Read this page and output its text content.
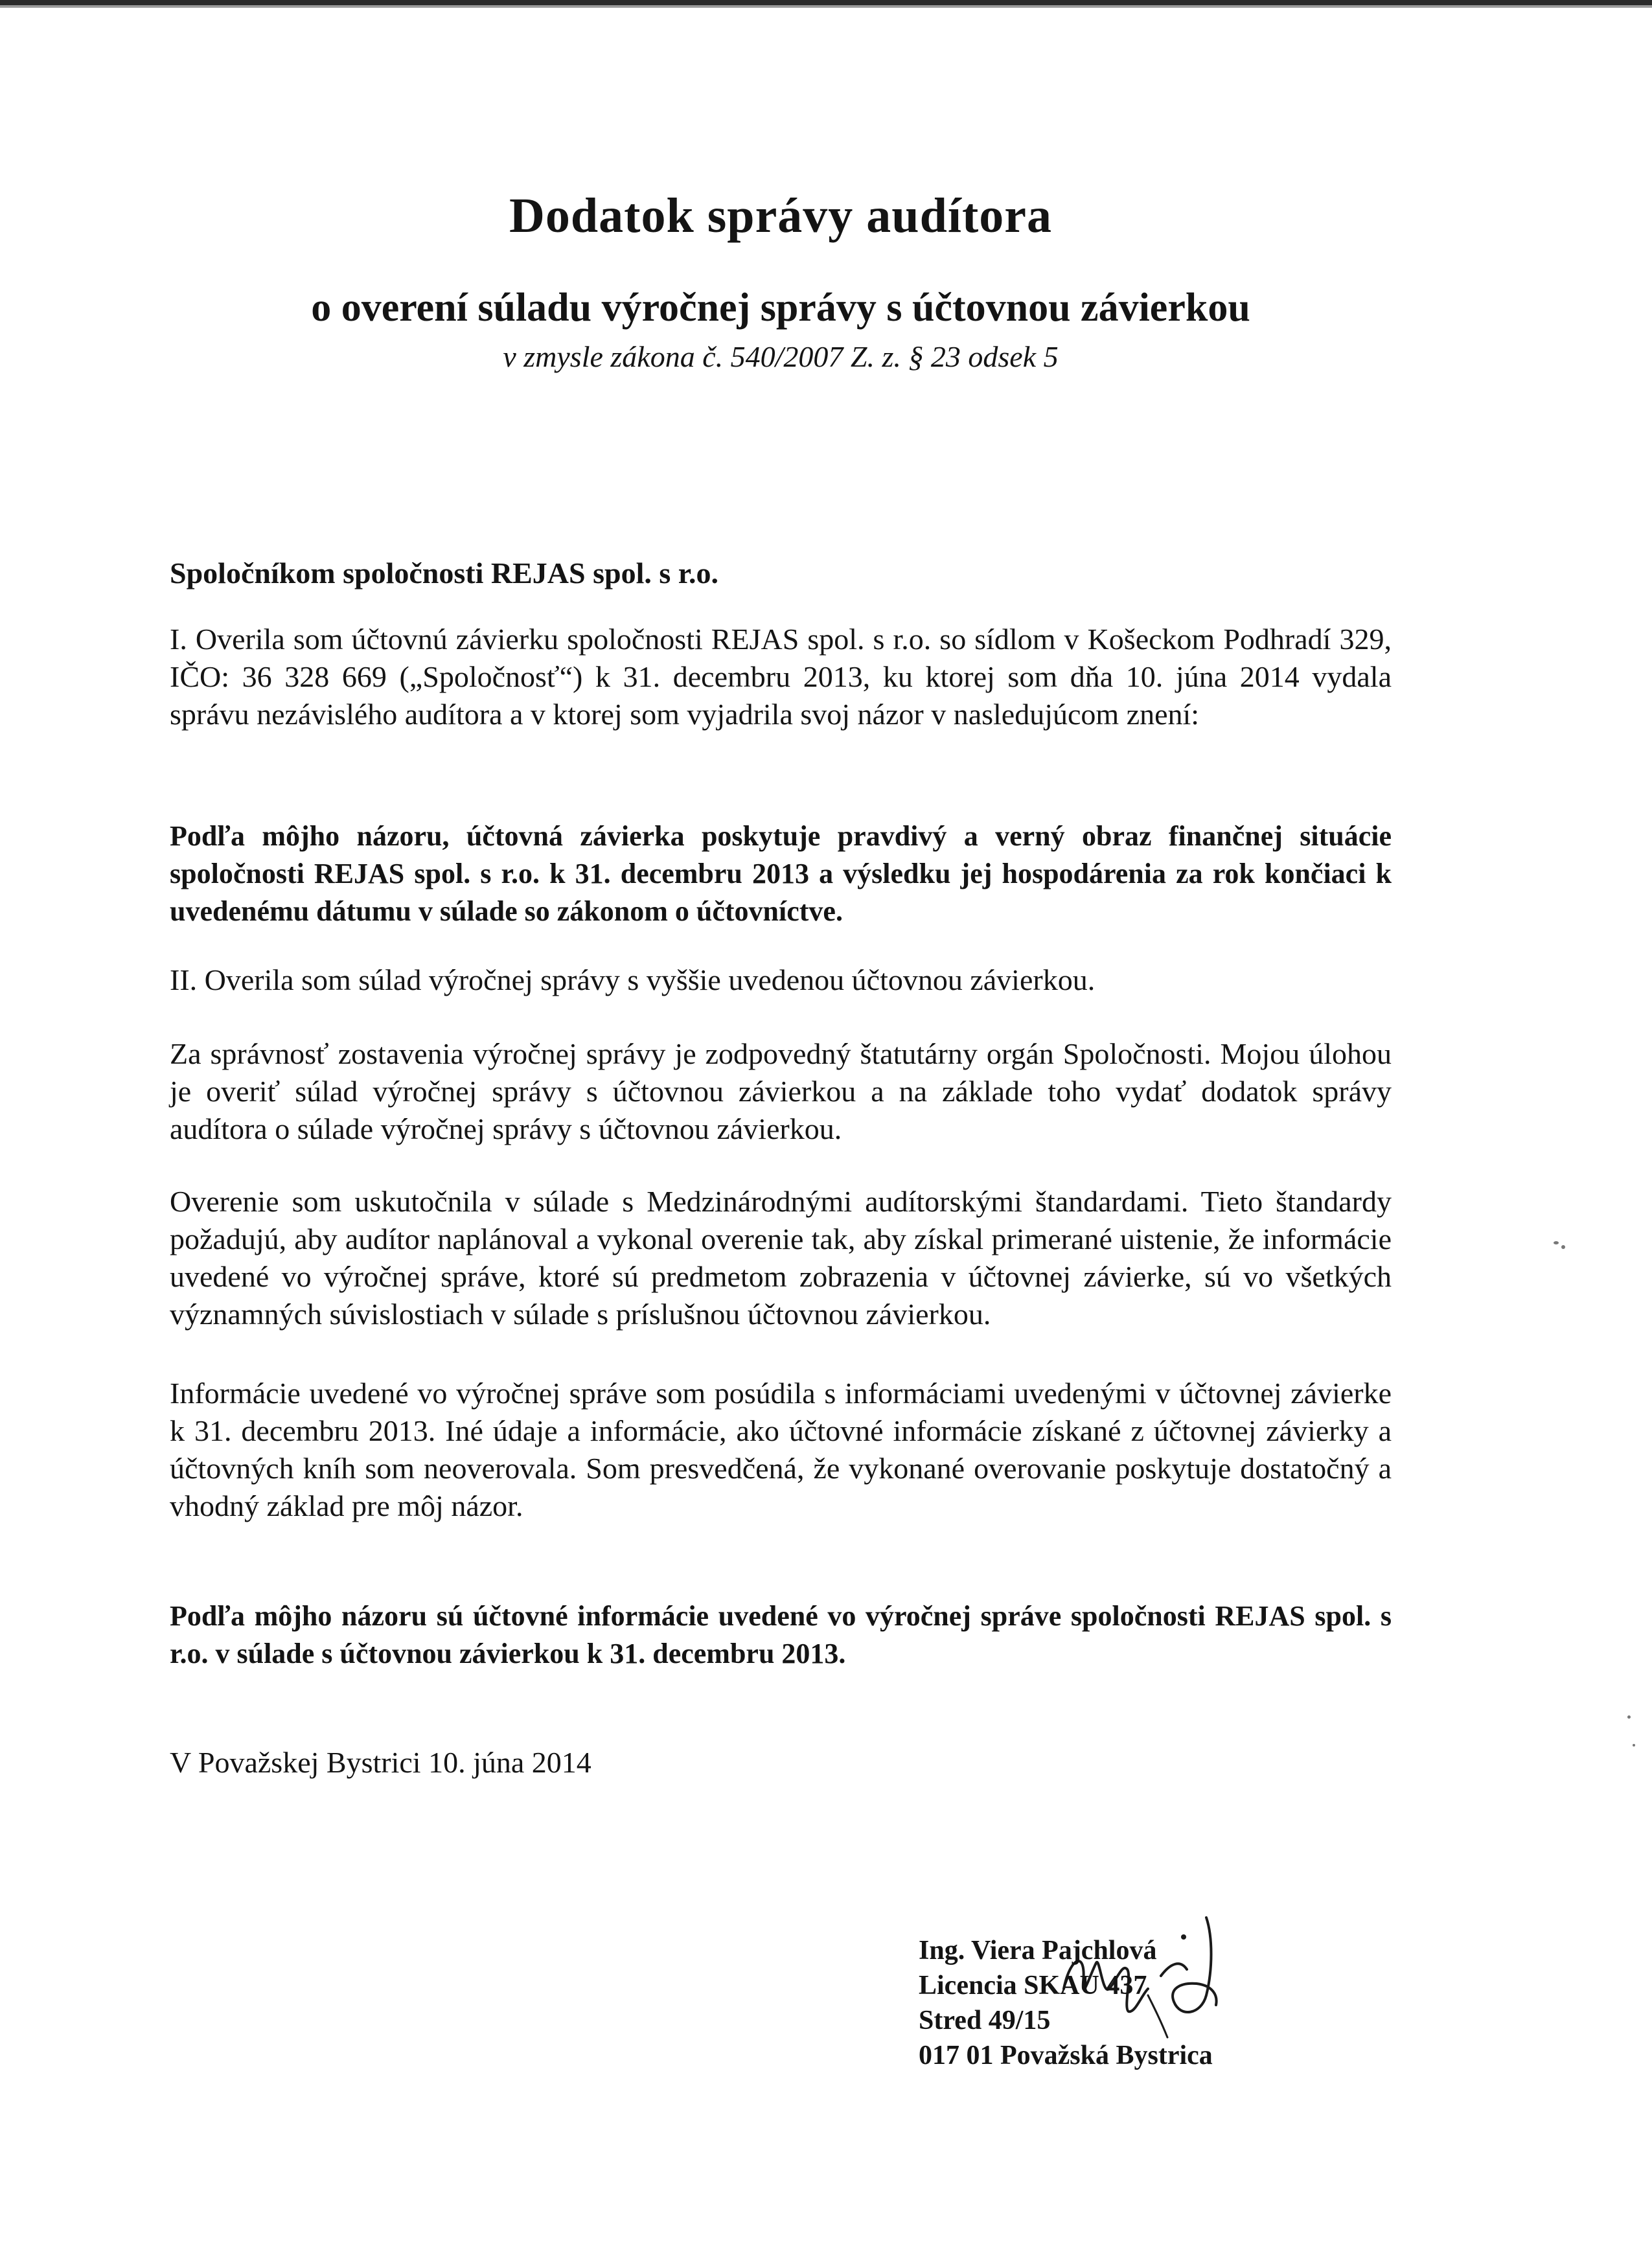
Dodatok správy audítora

o overení súladu výročnej správy s účtovnou závierkou

v zmysle zákona č. 540/2007 Z. z. § 23 odsek 5

Spoločníkom spoločnosti REJAS spol. s r.o.

I. Overila som účtovnú závierku spoločnosti REJAS spol. s r.o. so sídlom v Košeckom Podhradí 329, IČO: 36 328 669 („Spoločnosť“) k 31. decembru 2013, ku ktorej som dňa 10. júna 2014 vydala správu nezávislého audítora a v ktorej som vyjadrila svoj názor v nasledujúcom znení:

Podľa môjho názoru, účtovná závierka poskytuje pravdivý a verný obraz finančnej situácie spoločnosti REJAS spol. s r.o. k 31. decembru 2013 a výsledku jej hospodárenia za rok končiaci k uvedenému dátumu v súlade so zákonom o účtovníctve.

II. Overila som súlad výročnej správy s vyššie uvedenou účtovnou závierkou.

Za správnosť zostavenia výročnej správy je zodpovedný štatutárny orgán Spoločnosti. Mojou úlohou je overiť súlad výročnej správy s účtovnou závierkou a na základe toho vydať dodatok správy audítora o súlade výročnej správy s účtovnou závierkou.

Overenie som uskutočnila v súlade s Medzinárodnými audítorskými štandardami. Tieto štandardy požadujú, aby audítor naplánoval a vykonal overenie tak, aby získal primerané uistenie, že informácie uvedené vo výročnej správe, ktoré sú predmetom zobrazenia v účtovnej závierke, sú vo všetkých významných súvislostiach v súlade s príslušnou účtovnou závierkou.

Informácie uvedené vo výročnej správe som posúdila s informáciami uvedenými v účtovnej závierke k 31. decembru 2013. Iné údaje a informácie, ako účtovné informácie získané z účtovnej závierky a účtovných kníh som neoverovala. Som presvedčená, že vykonané overovanie poskytuje dostatočný a vhodný základ pre môj názor.

Podľa môjho názoru sú účtovné informácie uvedené vo výročnej správe spoločnosti REJAS spol. s r.o. v súlade s účtovnou závierkou k 31. decembru 2013.

V Považskej Bystrici 10. júna 2014

Ing. Viera Pajchlová
Licencia SKAU 437
Stred 49/15
017 01 Považská Bystrica
